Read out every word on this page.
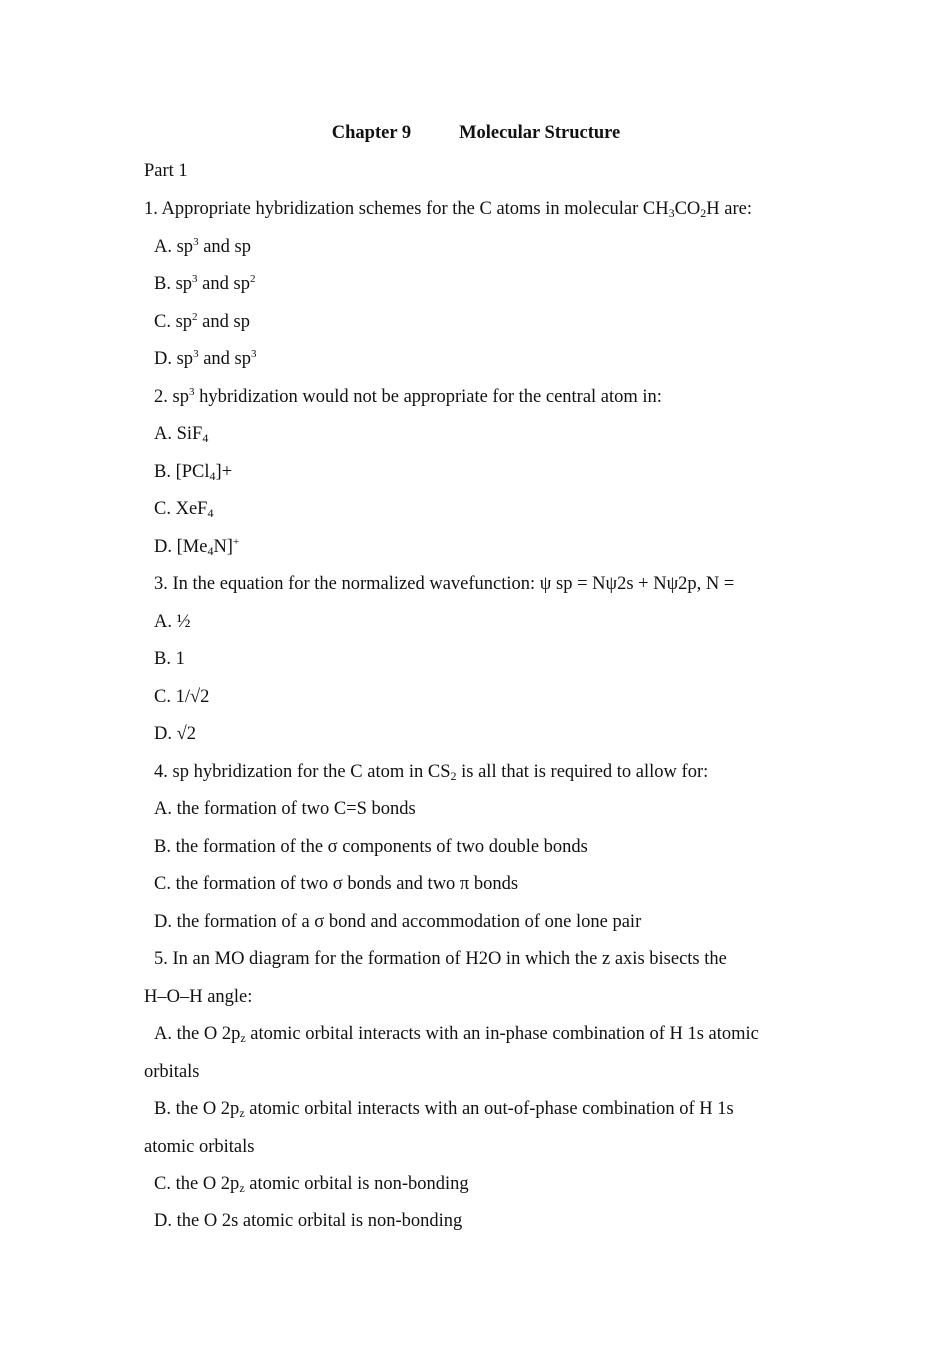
Chapter 9	Molecular Structure
Part 1
1. Appropriate hybridization schemes for the C atoms in molecular $CH_3CO_2H$ are:
A. $sp^3$ and sp
B. $sp^3$ and $sp^2$
C. $sp^2$ and sp
D. $sp^3$ and $sp^3$
2. $sp^3$ hybridization would not be appropriate for the central atom in:
A. SiF$_4$
B. [PCl$_4$]+
C. XeF$_4$
D. $[Me_4N]^+$
3. In the equation for the normalized wavefunction: ψ sp = Nψ2s + Nψ2p, N =
A. ½
B. 1
C. 1/√2
D. √2
4. sp hybridization for the C atom in $CS_2$ is all that is required to allow for:
A. the formation of two C=S bonds
B. the formation of the σ components of two double bonds
C. the formation of two σ bonds and two π bonds
D. the formation of a σ bond and accommodation of one lone pair
5. In an MO diagram for the formation of H2O in which the z axis bisects the
H–O–H angle:
A. the O $2p_z$ atomic orbital interacts with an in-phase combination of H 1s atomic
orbitals
B. the O $2p_z$ atomic orbital interacts with an out-of-phase combination of H 1s
atomic orbitals
C. the O $2p_z$ atomic orbital is non-bonding
D. the O 2s atomic orbital is non-bonding
